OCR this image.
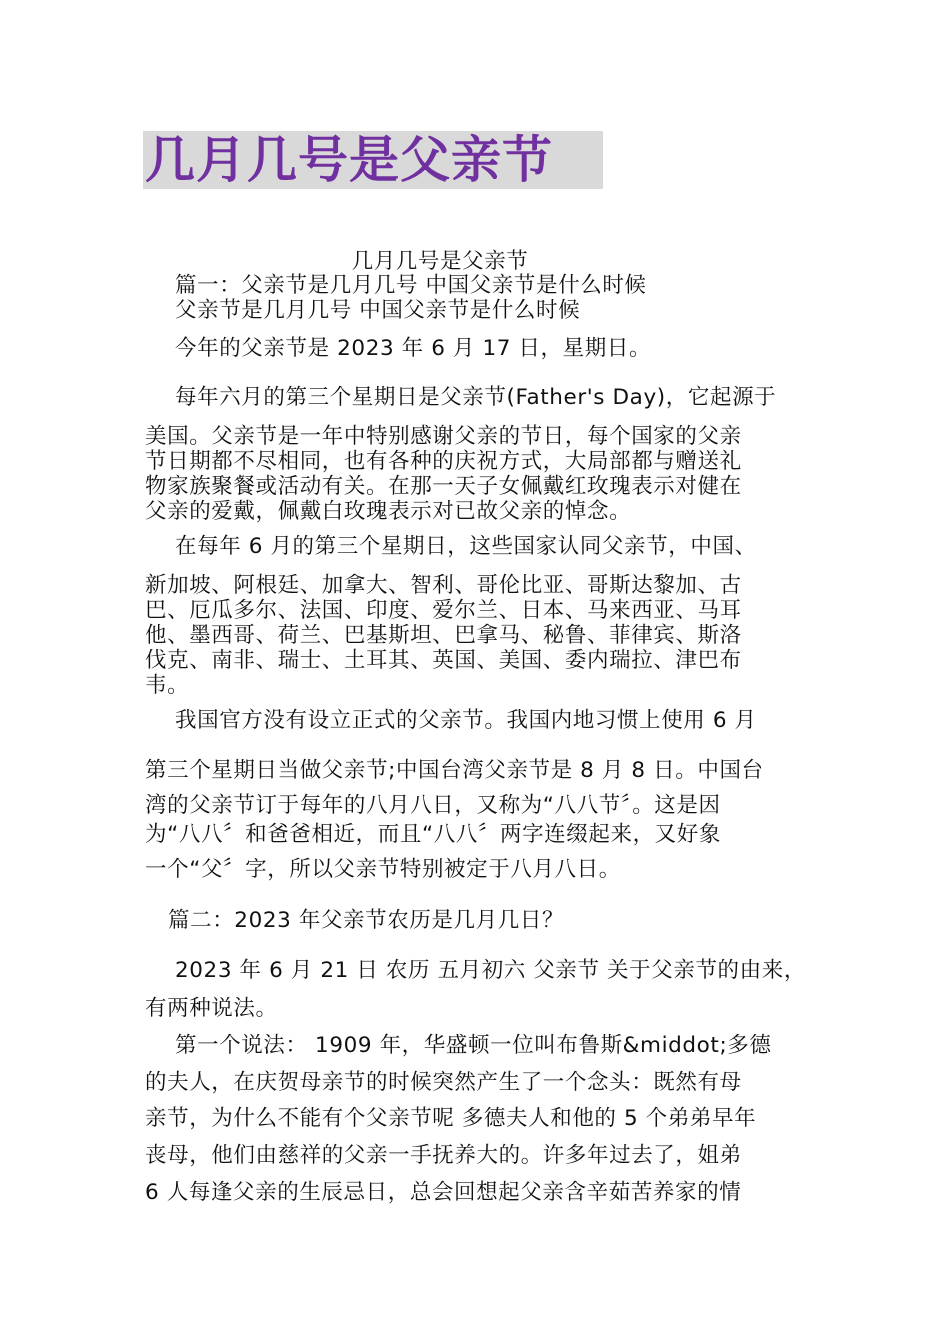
几月几号是父亲节
几月几号是父亲节
篇一：父亲节是几月几号 中国父亲节是什么时候
父亲节是几月几号 中国父亲节是什么时候
今年的父亲节是 2023 年 6 月 17 日，星期日。
每年六月的第三个星期日是父亲节(Father's Day)，它起源于
美国。父亲节是一年中特别感谢父亲的节日，每个国家的父亲
节日期都不尽相同，也有各种的庆祝方式，大局部都与赠送礼
物家族聚餐或活动有关。在那一天子女佩戴红玫瑰表示对健在
父亲的爱戴，佩戴白玫瑰表示对已故父亲的悼念。
在每年 6 月的第三个星期日，这些国家认同父亲节，中国、
新加坡、阿根廷、加拿大、智利、哥伦比亚、哥斯达黎加、古
巴、厄瓜多尔、法国、印度、爱尔兰、日本、马来西亚、马耳
他、墨西哥、荷兰、巴基斯坦、巴拿马、秘鲁、菲律宾、斯洛
伐克、南非、瑞士、土耳其、英国、美国、委内瑞拉、津巴布
韦。
我国官方没有设立正式的父亲节。我国内地习惯上使用 6 月
第三个星期日当做父亲节;中国台湾父亲节是 8 月 8 日。中国台
湾的父亲节订于每年的八月八日，又称为“八八节〞。这是因
为“八八〞和爸爸相近，而且“八八〞两字连缀起来，又好象
一个“父〞字，所以父亲节特别被定于八月八日。
篇二：2023 年父亲节农历是几月几日？
2023 年 6 月 21 日 农历 五月初六 父亲节 关于父亲节的由来，
有两种说法。
第一个说法： 1909 年，华盛顿一位叫布鲁斯&middot;多德
的夫人，在庆贺母亲节的时候突然产生了一个念头：既然有母
亲节，为什么不能有个父亲节呢 多德夫人和他的 5 个弟弟早年
丧母，他们由慈祥的父亲一手抚养大的。许多年过去了，姐弟
6 人每逢父亲的生辰忌日，总会回想起父亲含辛茹苦养家的情
